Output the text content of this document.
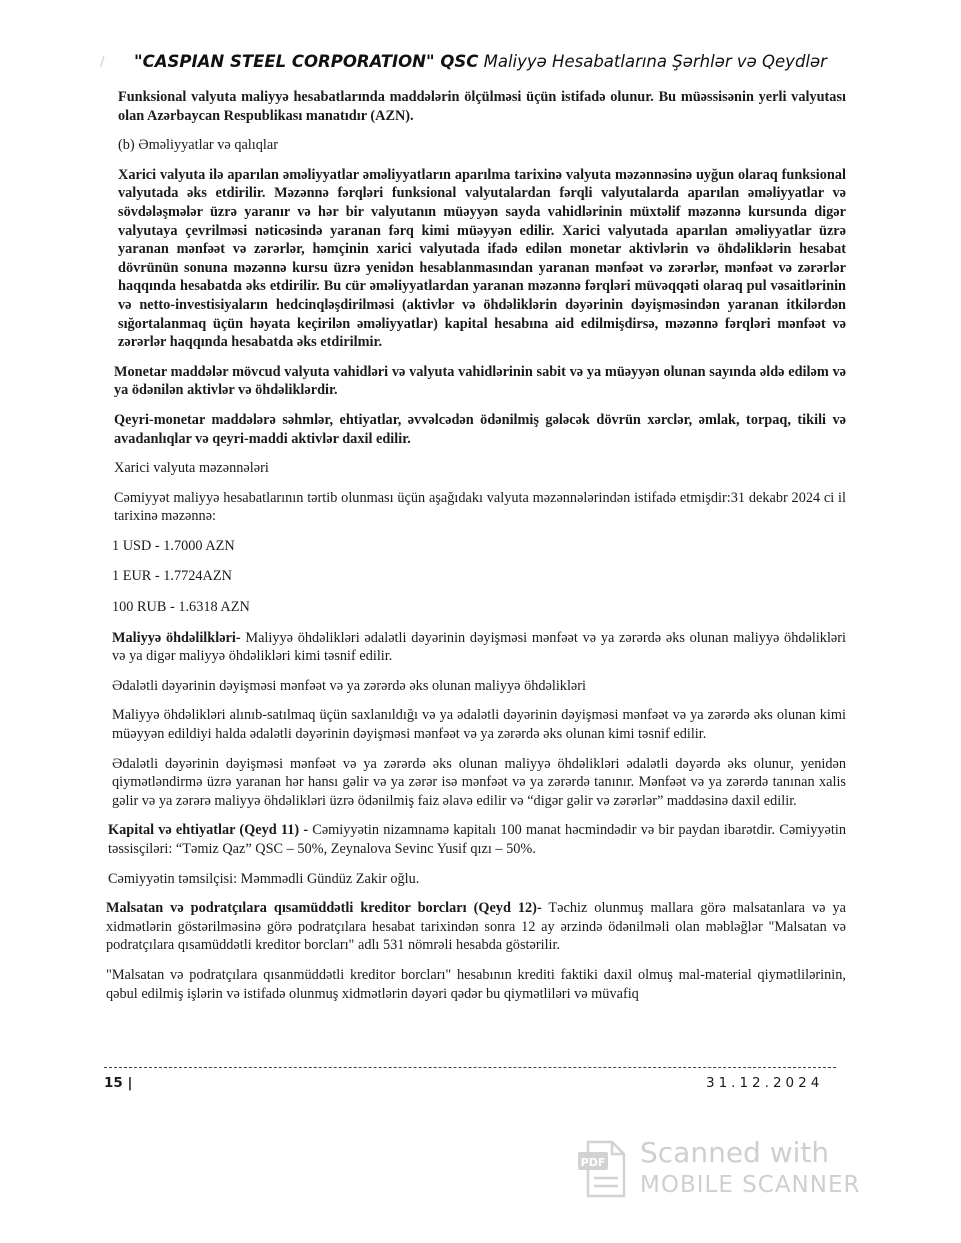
/	"CASPIAN STEEL CORPORATION" QSC Maliyyə Hesabatlarına Şərhlər və Qeydlər

Funksional valyuta maliyyə hesabatlarında maddələrin ölçülməsi üçün istifadə olunur. Bu müəssisənin yerli valyutası olan Azərbaycan Respublikası manatıdır (AZN).

(b) Əməliyyatlar və qalıqlar

Xarici valyuta ilə aparılan əməliyyatlar əməliyyatların aparılma tarixinə valyuta məzənnəsinə uyğun olaraq funksional valyutada əks etdirilir. Məzənnə fərqləri funksional valyutalardan fərqli valyutalarda aparılan əməliyyatlar və sövdələşmələr üzrə yaranır və hər bir valyutanın müəyyən sayda vahidlərinin müxtəlif məzənnə kursunda digər valyutaya çevrilməsi nəticəsində yaranan fərq kimi müəyyən edilir. Xarici valyutada aparılan əməliyyatlar üzrə yaranan mənfəət və zərərlər, həmçinin xarici valyutada ifadə edilən monetar aktivlərin və öhdəliklərin hesabat dövrünün sonuna məzənnə kursu üzrə yenidən hesablanmasından yaranan mənfəət və zərərlər, mənfəət və zərərlər haqqında hesabatda əks etdirilir. Bu cür əməliyyatlardan yaranan məzənnə fərqləri müvəqqəti olaraq pul vəsaitlərinin və netto-investisiyaların hedcinqləşdirilməsi (aktivlər və öhdəliklərin dəyərinin dəyişməsindən yaranan itkilərdən sığortalanmaq üçün həyata keçirilən əməliyyatlar) kapital hesabına aid edilmişdirsə, məzənnə fərqləri mənfəət və zərərlər haqqında hesabatda əks etdirilmir.

Monetar maddələr mövcud valyuta vahidləri və valyuta vahidlərinin sabit və ya müəyyən olunan sayında əldə ediləm və ya ödənilən aktivlər və öhdəliklərdir.

Qeyri-monetar maddələrə səhmlər, ehtiyatlar, əvvəlcədən ödənilmiş gələcək dövrün xərclər, əmlak, torpaq, tikili və avadanlıqlar və qeyri-maddi aktivlər daxil edilir.

Xarici valyuta məzənnələri

Cəmiyyət maliyyə hesabatlarının tərtib olunması üçün aşağıdakı valyuta məzənnələrindən istifadə etmişdir:31 dekabr 2024 ci il tarixinə məzənnə:

1 USD - 1.7000 AZN

1 EUR - 1.7724AZN

100 RUB - 1.6318 AZN

Maliyyə öhdəlilkləri- Maliyyə öhdəlikləri ədalətli dəyərinin dəyişməsi mənfəət və ya zərərdə əks olunan maliyyə öhdəlikləri və ya digər maliyyə öhdəlikləri kimi təsnif edilir.

Ədalətli dəyərinin dəyişməsi mənfəət və ya zərərdə əks olunan maliyyə öhdəlikləri

Maliyyə öhdəlikləri alınıb-satılmaq üçün saxlanıldığı və ya ədalətli dəyərinin dəyişməsi mənfəət və ya zərərdə əks olunan kimi müəyyən edildiyi halda ədalətli dəyərinin dəyişməsi mənfəət və ya zərərdə əks olunan kimi təsnif edilir.

Ədalətli dəyərinin dəyişməsi mənfəət və ya zərərdə əks olunan maliyyə öhdəlikləri ədalətli dəyərdə əks olunur, yenidən qiymətləndirmə üzrə yaranan hər hansı gəlir və ya zərər isə mənfəət və ya zərərdə tanınır. Mənfəət və ya zərərdə tanınan xalis gəlir və ya zərərə maliyyə öhdəlikləri üzrə ödənilmiş faiz əlavə edilir və “digər gəlir və zərərlər” maddəsinə daxil edilir.

Kapital və ehtiyatlar (Qeyd 11) - Cəmiyyətin nizamnamə kapitalı 100 manat həcmindədir və bir paydan ibarətdir. Cəmiyyətin təssisçiləri: “Təmiz Qaz” QSC – 50%, Zeynalova Sevinc Yusif qızı – 50%.

Cəmiyyətin təmsilçisi: Məmmədli Gündüz Zakir oğlu.

Malsatan və podratçılara qısamüddətli kreditor borcları (Qeyd 12)- Təchiz olunmuş mallara görə malsatanlara və ya xidmətlərin göstərilməsinə görə podratçılara hesabat tarixindən sonra 12 ay ərzində ödənilməli olan məbləğlər "Malsatan və podratçılara qısamüddətli kreditor borcları" adlı 531 nömrəli hesabda göstərilir.

"Malsatan və podratçılara qısanmüddətli kreditor borcları" hesabının krediti faktiki daxil olmuş mal-material qiymətlilərinin, qəbul edilmiş işlərin və istifadə olunmuş xidmətlərin dəyəri qədər bu qiymətliləri və müvafiq

15 |	31.12.2024
PDF Scanned with
MOBILE SCANNER
